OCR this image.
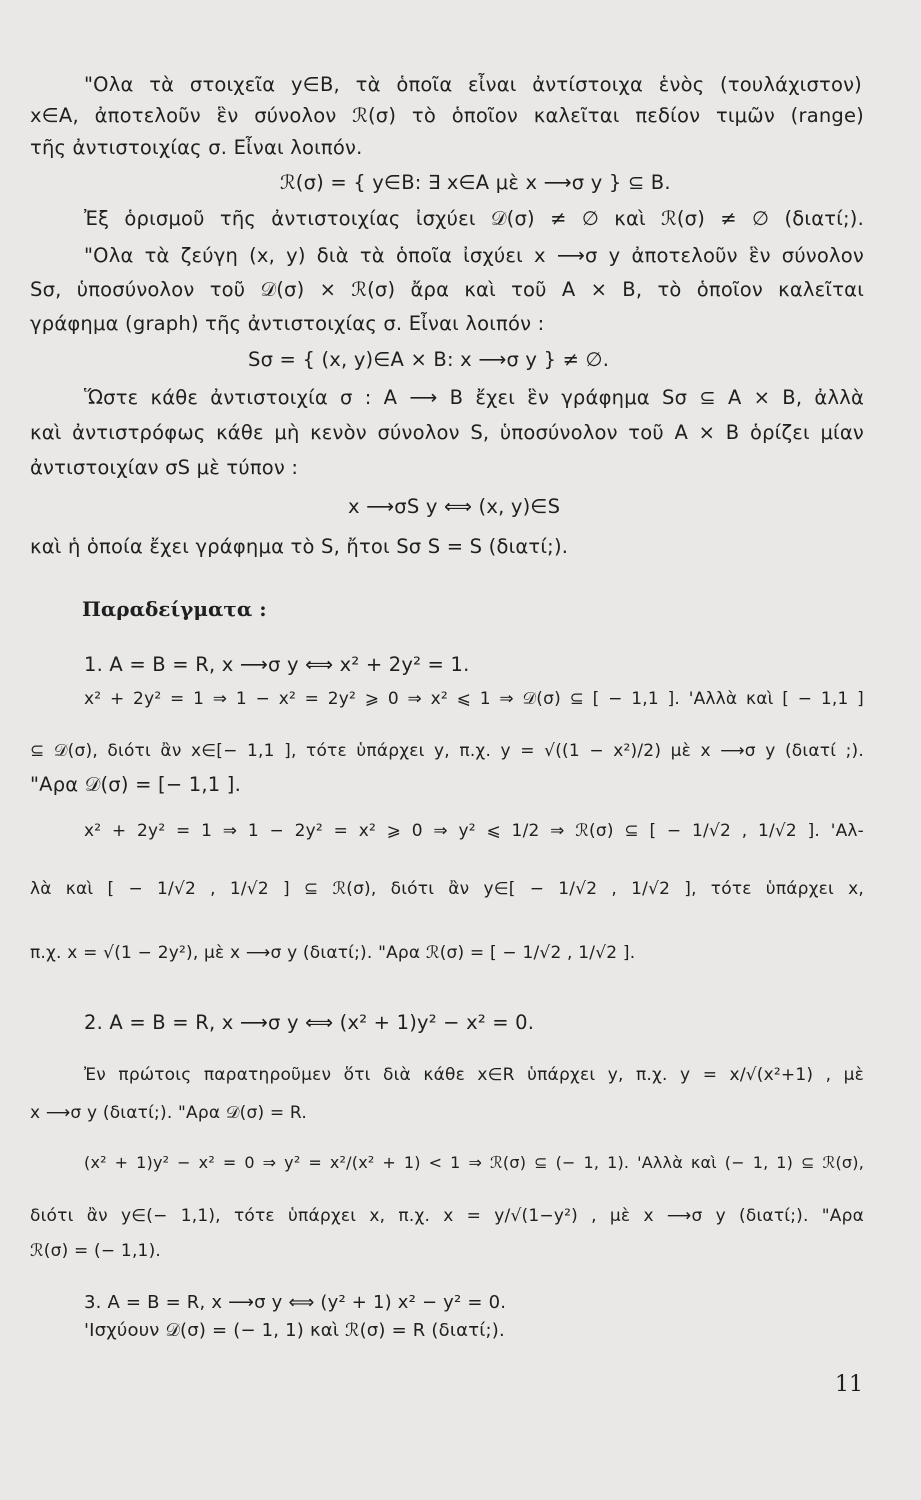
"Ολα τὰ στοιχεῖα y∈B, τὰ ὁποῖα εἶναι ἀντίστοιχα ἑνὸς (τουλάχιστον)
x∈A, ἀποτελοῦν ἓν σύνολον ℛ(σ) τὸ ὁποῖον καλεῖται πεδίον τιμῶν (range)
τῆς ἀντιστοιχίας σ. Εἶναι λοιπόν.
ℛ(σ) = { y∈B: ∃ x∈A μὲ x ⟶σ y } ⊆ B.
Ἐξ ὁρισμοῦ τῆς ἀντιστοιχίας ἰσχύει 𝒟(σ) ≠ ∅ καὶ ℛ(σ) ≠ ∅ (διατί;).
"Ολα τὰ ζεύγη (x, y) διὰ τὰ ὁποῖα ἰσχύει x ⟶σ y ἀποτελοῦν ἓν σύνολον
Sσ, ὑποσύνολον τοῦ 𝒟(σ) × ℛ(σ) ἄρα καὶ τοῦ A × B, τὸ ὁποῖον καλεῖται
γράφημα (graph) τῆς ἀντιστοιχίας σ. Εἶναι λοιπόν :
Sσ = { (x, y)∈A × B: x ⟶σ y } ≠ ∅.
Ὥστε κάθε ἀντιστοιχία σ : A ⟶ B ἔχει ἓν γράφημα Sσ ⊆ A × B, ἀλλὰ
καὶ ἀντιστρόφως κάθε μὴ κενὸν σύνολον S, ὑποσύνολον τοῦ A × B ὁρίζει μίαν
ἀντιστοιχίαν σS μὲ τύπον :
x ⟶σS y ⟺ (x, y)∈S
καὶ ἡ ὁποία ἔχει γράφημα τὸ S, ἤτοι Sσ S = S (διατί;).
Παραδείγματα :
1. A = B = R, x ⟶σ y ⟺ x² + 2y² = 1.
x² + 2y² = 1 ⇒ 1 − x² = 2y² ⩾ 0 ⇒ x² ⩽ 1 ⇒ 𝒟(σ) ⊆ [ − 1,1 ]. 'Αλλὰ καὶ [ − 1,1 ]
⊆ 𝒟(σ), διότι ἂν x∈[− 1,1 ], τότε ὑπάρχει y, π.χ. y = √((1 − x²)/2) μὲ x ⟶σ y (διατί ;).
"Αρα 𝒟(σ) = [− 1,1 ].
x² + 2y² = 1 ⇒ 1 − 2y² = x² ⩾ 0 ⇒ y² ⩽ 1/2 ⇒ ℛ(σ) ⊆ [ − 1/√2 , 1/√2 ]. 'Αλ-
λὰ καὶ [ − 1/√2 , 1/√2 ] ⊆ ℛ(σ), διότι ἂν y∈[ − 1/√2 , 1/√2 ], τότε ὑπάρχει x,
π.χ. x = √(1 − 2y²), μὲ x ⟶σ y (διατί;). "Αρα ℛ(σ) = [ − 1/√2 , 1/√2 ].
2. A = B = R, x ⟶σ y ⟺ (x² + 1)y² − x² = 0.
Ἐν πρώτοις παρατηροῦμεν ὅτι διὰ κάθε x∈R ὑπάρχει y, π.χ. y = x/√(x²+1) , μὲ
x ⟶σ y (διατί;). "Αρα 𝒟(σ) = R.
(x² + 1)y² − x² = 0 ⇒ y² = x²/(x² + 1) < 1 ⇒ ℛ(σ) ⊆ (− 1, 1). 'Αλλὰ καὶ (− 1, 1) ⊆ ℛ(σ),
διότι ἂν y∈(− 1,1), τότε ὑπάρχει x, π.χ. x = y/√(1−y²) , μὲ x ⟶σ y (διατί;). "Αρα
ℛ(σ) = (− 1,1).
3. A = B = R, x ⟶σ y ⟺ (y² + 1) x² − y² = 0.
'Ισχύουν 𝒟(σ) = (− 1, 1) καὶ ℛ(σ) = R (διατί;).
11
